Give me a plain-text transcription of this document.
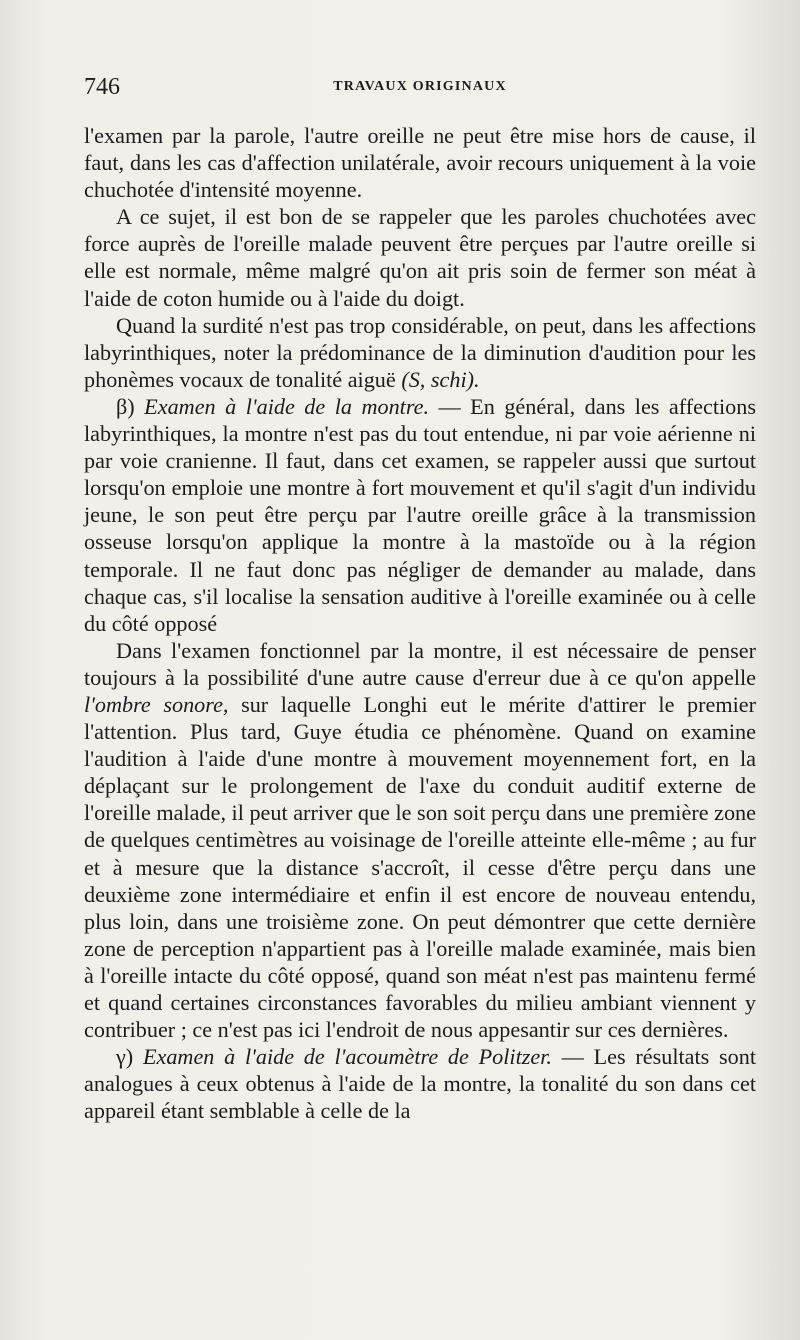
746	TRAVAUX ORIGINAUX

l'examen par la parole, l'autre oreille ne peut être mise hors de cause, il faut, dans les cas d'affection unilatérale, avoir recours uniquement à la voie chuchotée d'intensité moyenne.

A ce sujet, il est bon de se rappeler que les paroles chuchotées avec force auprès de l'oreille malade peuvent être perçues par l'autre oreille si elle est normale, même malgré qu'on ait pris soin de fermer son méat à l'aide de coton humide ou à l'aide du doigt.

Quand la surdité n'est pas trop considérable, on peut, dans les affections labyrinthiques, noter la prédominance de la diminution d'audition pour les phonèmes vocaux de tonalité aiguë (S, schi).

β) Examen à l'aide de la montre. — En général, dans les affections labyrinthiques, la montre n'est pas du tout entendue, ni par voie aérienne ni par voie cranienne. Il faut, dans cet examen, se rappeler aussi que surtout lorsqu'on emploie une montre à fort mouvement et qu'il s'agit d'un individu jeune, le son peut être perçu par l'autre oreille grâce à la transmission osseuse lorsqu'on applique la montre à la mastoïde ou à la région temporale. Il ne faut donc pas négliger de demander au malade, dans chaque cas, s'il localise la sensation auditive à l'oreille examinée ou à celle du côté opposé

Dans l'examen fonctionnel par la montre, il est nécessaire de penser toujours à la possibilité d'une autre cause d'erreur due à ce qu'on appelle l'ombre sonore, sur laquelle Longhi eut le mérite d'attirer le premier l'attention. Plus tard, Guye étudia ce phénomène. Quand on examine l'audition à l'aide d'une montre à mouvement moyennement fort, en la déplaçant sur le prolongement de l'axe du conduit auditif externe de l'oreille malade, il peut arriver que le son soit perçu dans une première zone de quelques centimètres au voisinage de l'oreille atteinte elle-même ; au fur et à mesure que la distance s'accroît, il cesse d'être perçu dans une deuxième zone intermédiaire et enfin il est encore de nouveau entendu, plus loin, dans une troisième zone. On peut démontrer que cette dernière zone de perception n'appartient pas à l'oreille malade examinée, mais bien à l'oreille intacte du côté opposé, quand son méat n'est pas maintenu fermé et quand certaines circonstances favorables du milieu ambiant viennent y contribuer ; ce n'est pas ici l'endroit de nous appesantir sur ces dernières.

γ) Examen à l'aide de l'acoumètre de Politzer. — Les résultats sont analogues à ceux obtenus à l'aide de la montre, la tonalité du son dans cet appareil étant semblable à celle de la
